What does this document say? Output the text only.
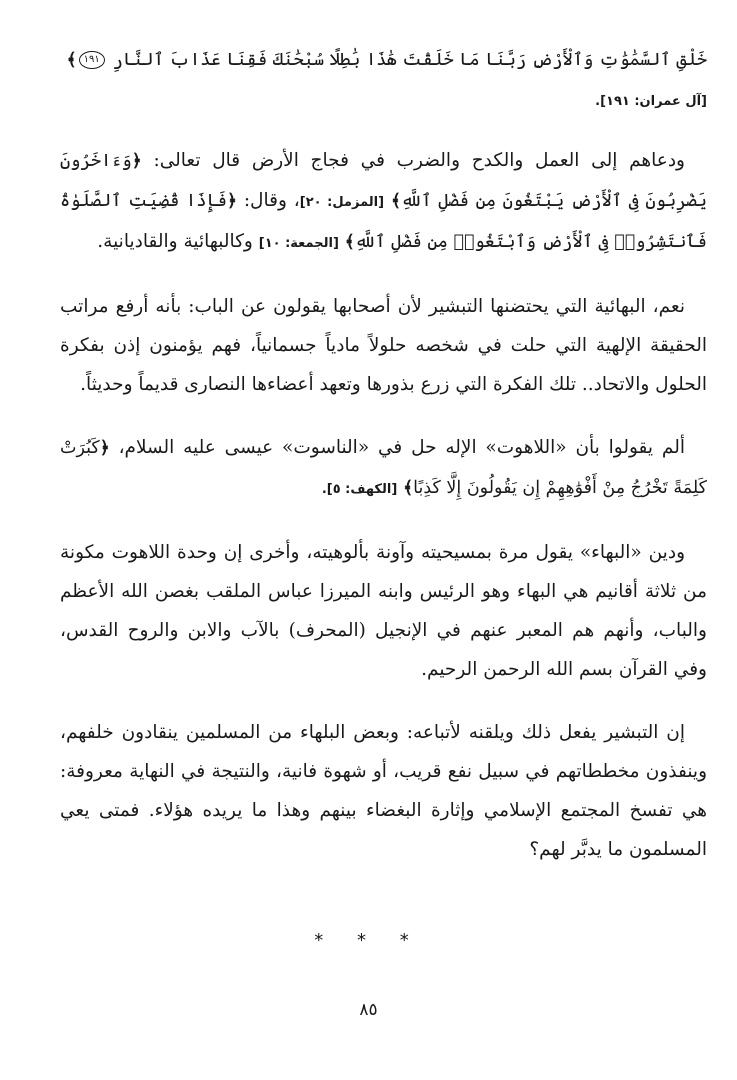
خَلْقِ ٱلسَّمَٰوَٰتِ وَٱلْأَرْضِ رَبَّنَا مَا خَلَقْتَ هَٰذَا بَٰطِلًا سُبْحَٰنَكَ فَقِنَا عَذَابَ ٱلنَّارِ ١٩١﴾
[آل عمران: ١٩١].

ودعاهم إلى العمل والكدح والضرب في فجاج الأرض قال تعالى: ﴿وَءَاخَرُونَ يَضْرِبُونَ فِى ٱلْأَرْضِ يَبْتَغُونَ مِن فَضْلِ ٱللَّهِ﴾ [المزمل: ٢٠]، وقال: ﴿فَإِذَا قُضِيَتِ ٱلصَّلَوٰةُ فَٱنتَشِرُوا۟ فِى ٱلْأَرْضِ وَٱبْتَغُوا۟ مِن فَضْلِ ٱللَّهِ﴾ [الجمعة: ١٠] وكالبهائية والقاديانية.

نعم، البهائية التي يحتضنها التبشير لأن أصحابها يقولون عن الباب: بأنه أرفع مراتب الحقيقة الإلهية التي حلت في شخصه حلولاً مادياً جسمانياً، فهم يؤمنون إذن بفكرة الحلول والاتحاد.. تلك الفكرة التي زرع بذورها وتعهد أعضاءها النصارى قديماً وحديثاً.

ألم يقولوا بأن «اللاهوت» الإله حل في «الناسوت» عيسى عليه السلام، ﴿كَبُرَتْ كَلِمَةً تَخْرُجُ مِنْ أَفْوَٰهِهِمْ إِن يَقُولُونَ إِلَّا كَذِبًا﴾ [الكهف: ٥].

ودين «البهاء» يقول مرة بمسيحيته وآونة بألوهيته، وأخرى إن وحدة اللاهوت مكونة من ثلاثة أقانيم هي البهاء وهو الرئيس وابنه الميرزا عباس الملقب بغصن الله الأعظم والباب، وأنهم هم المعبر عنهم في الإنجيل (المحرف) بالآب والابن والروح القدس، وفي القرآن بسم الله الرحمن الرحيم.

إن التبشير يفعل ذلك ويلقنه لأتباعه: وبعض البلهاء من المسلمين ينقادون خلفهم، وينفذون مخططاتهم في سبيل نفع قريب، أو شهوة فانية، والنتيجة في النهاية معروفة: هي تفسخ المجتمع الإسلامي وإثارة البغضاء بينهم وهذا ما يريده هؤلاء. فمتى يعي المسلمون ما يدبَّر لهم؟

* * *
٨٥
